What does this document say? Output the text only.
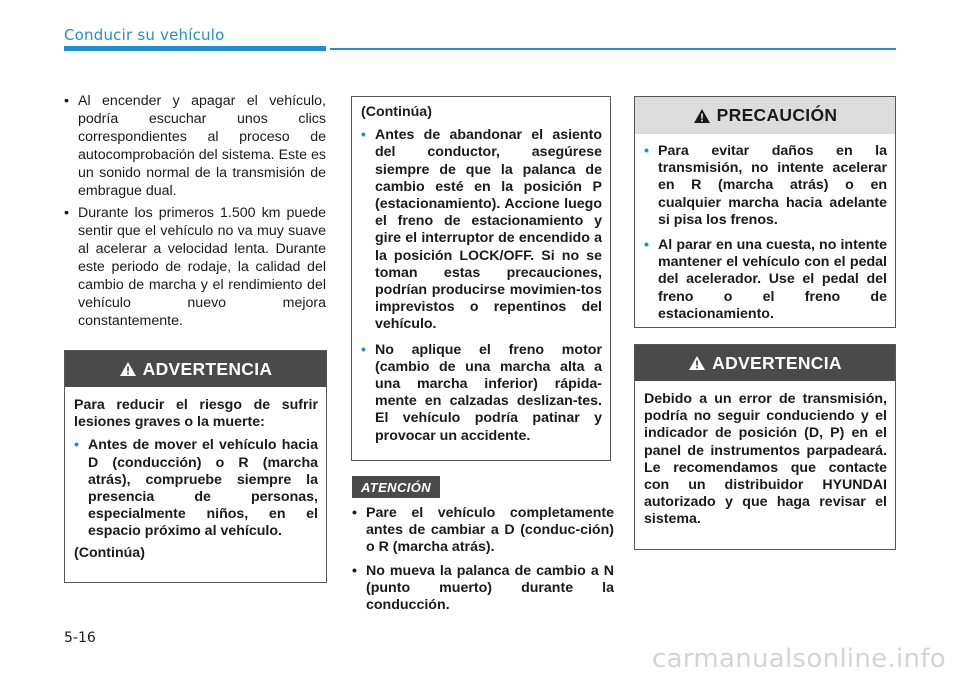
Conducir su vehículo
• Al encender y apagar el vehículo, podría escuchar unos clics correspondientes al proceso de autocomprobación del sistema. Este es un sonido normal de la transmisión de embrague dual.
• Durante los primeros 1.500 km puede sentir que el vehículo no va muy suave al acelerar a velocidad lenta. Durante este periodo de rodaje, la calidad del cambio de marcha y el rendimiento del vehículo nuevo mejora constantemente.
ADVERTENCIA

Para reducir el riesgo de sufrir lesiones graves o la muerte:

• Antes de mover el vehículo hacia D (conducción) o R (marcha atrás), compruebe siempre la presencia de personas, especialmente niños, en el espacio próximo al vehículo.

(Continúa)

(Continúa)

• Antes de abandonar el asiento del conductor, asegúrese siempre de que la palanca de cambio esté en la posición P (estacionamiento). Accione luego el freno de estacionamiento y gire el interruptor de encendido a la posición LOCK/OFF. Si no se toman estas precauciones, podrían producirse movimien-tos imprevistos o repentinos del vehículo.
• No aplique el freno motor (cambio de una marcha alta a una marcha inferior) rápida-mente en calzadas deslizan-tes. El vehículo podría patinar y provocar un accidente.
ATENCIÓN
• Pare el vehículo completamente antes de cambiar a D (conduc-ción) o R (marcha atrás).
• No mueva la palanca de cambio a N (punto muerto) durante la conducción.
PRECAUCIÓN
• Para evitar daños en la transmisión, no intente acelerar en R (marcha atrás) o en cualquier marcha hacia adelante si pisa los frenos.
• Al parar en una cuesta, no intente mantener el vehículo con el pedal del acelerador. Use el pedal del freno o el freno de estacionamiento.
ADVERTENCIA

Debido a un error de transmisión, podría no seguir conduciendo y el indicador de posición (D, P) en el panel de instrumentos parpadeará. Le recomendamos que contacte con un distribuidor HYUNDAI autorizado y que haga revisar el sistema.

5-16
carmanualsonline.info
